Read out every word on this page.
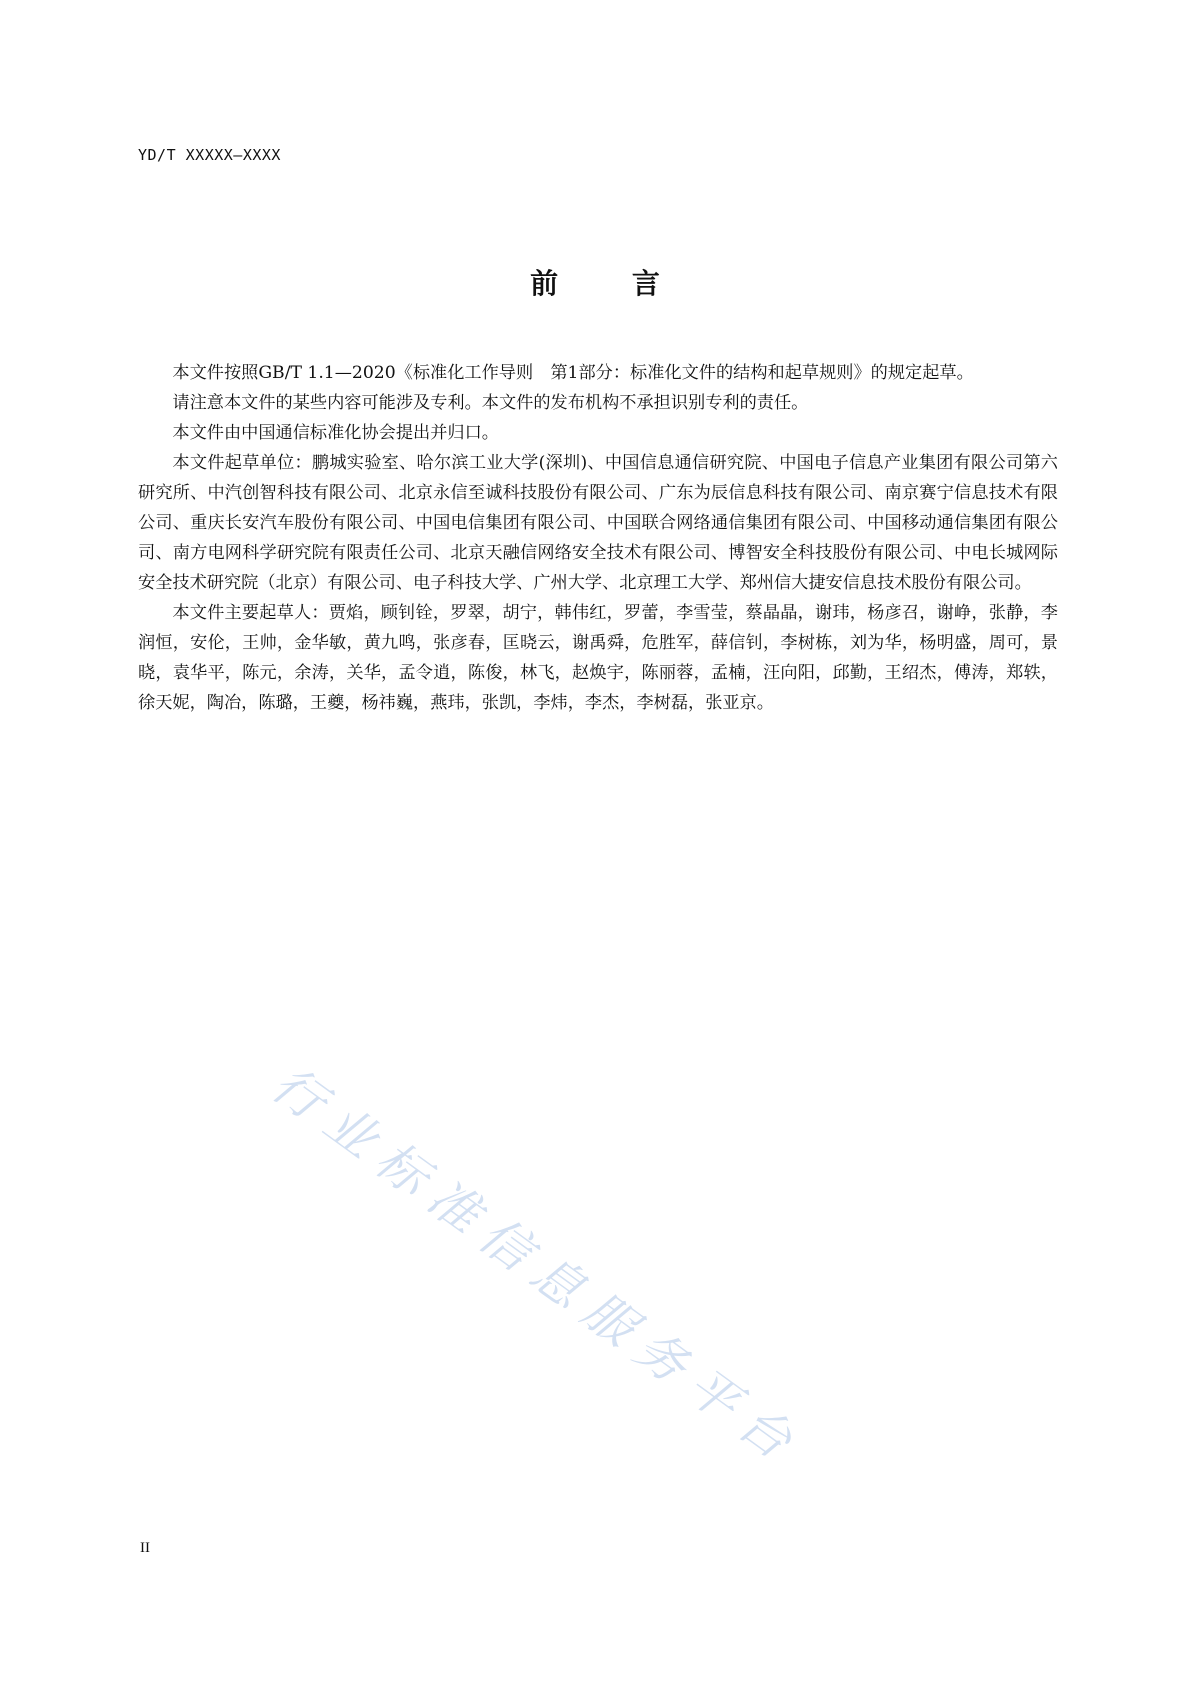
YD/T XXXXX—XXXX
前 言

本文件按照GB/T 1.1—2020《标准化工作导则　第1部分：标准化文件的结构和起草规则》的规定起草。

请注意本文件的某些内容可能涉及专利。本文件的发布机构不承担识别专利的责任。

本文件由中国通信标准化协会提出并归口。

本文件起草单位：鹏城实验室、哈尔滨工业大学(深圳)、中国信息通信研究院、中国电子信息产业集团有限公司第六研究所、中汽创智科技有限公司、北京永信至诚科技股份有限公司、广东为辰信息科技有限公司、南京赛宁信息技术有限公司、重庆长安汽车股份有限公司、中国电信集团有限公司、中国联合网络通信集团有限公司、中国移动通信集团有限公司、南方电网科学研究院有限责任公司、北京天融信网络安全技术有限公司、博智安全科技股份有限公司、中电长城网际安全技术研究院（北京）有限公司、电子科技大学、广州大学、北京理工大学、郑州信大捷安信息技术股份有限公司。

本文件主要起草人：贾焰，顾钊铨，罗翠，胡宁，韩伟红，罗蕾，李雪莹，蔡晶晶，谢玮，杨彦召，谢峥，张静，李润恒，安伦，王帅，金华敏，黄九鸣，张彦春，匡晓云，谢禹舜，危胜军，薛信钊，李树栋，刘为华，杨明盛，周可，景晓，袁华平，陈元，余涛，关华，孟令逍，陈俊，林飞，赵焕宇，陈丽蓉，孟楠，汪向阳，邱勤，王绍杰，傅涛，郑轶，徐天妮，陶冶，陈璐，王夔，杨祎巍，燕玮，张凯，李炜，李杰，李树磊，张亚京。

行业标准信息服务平台
II
